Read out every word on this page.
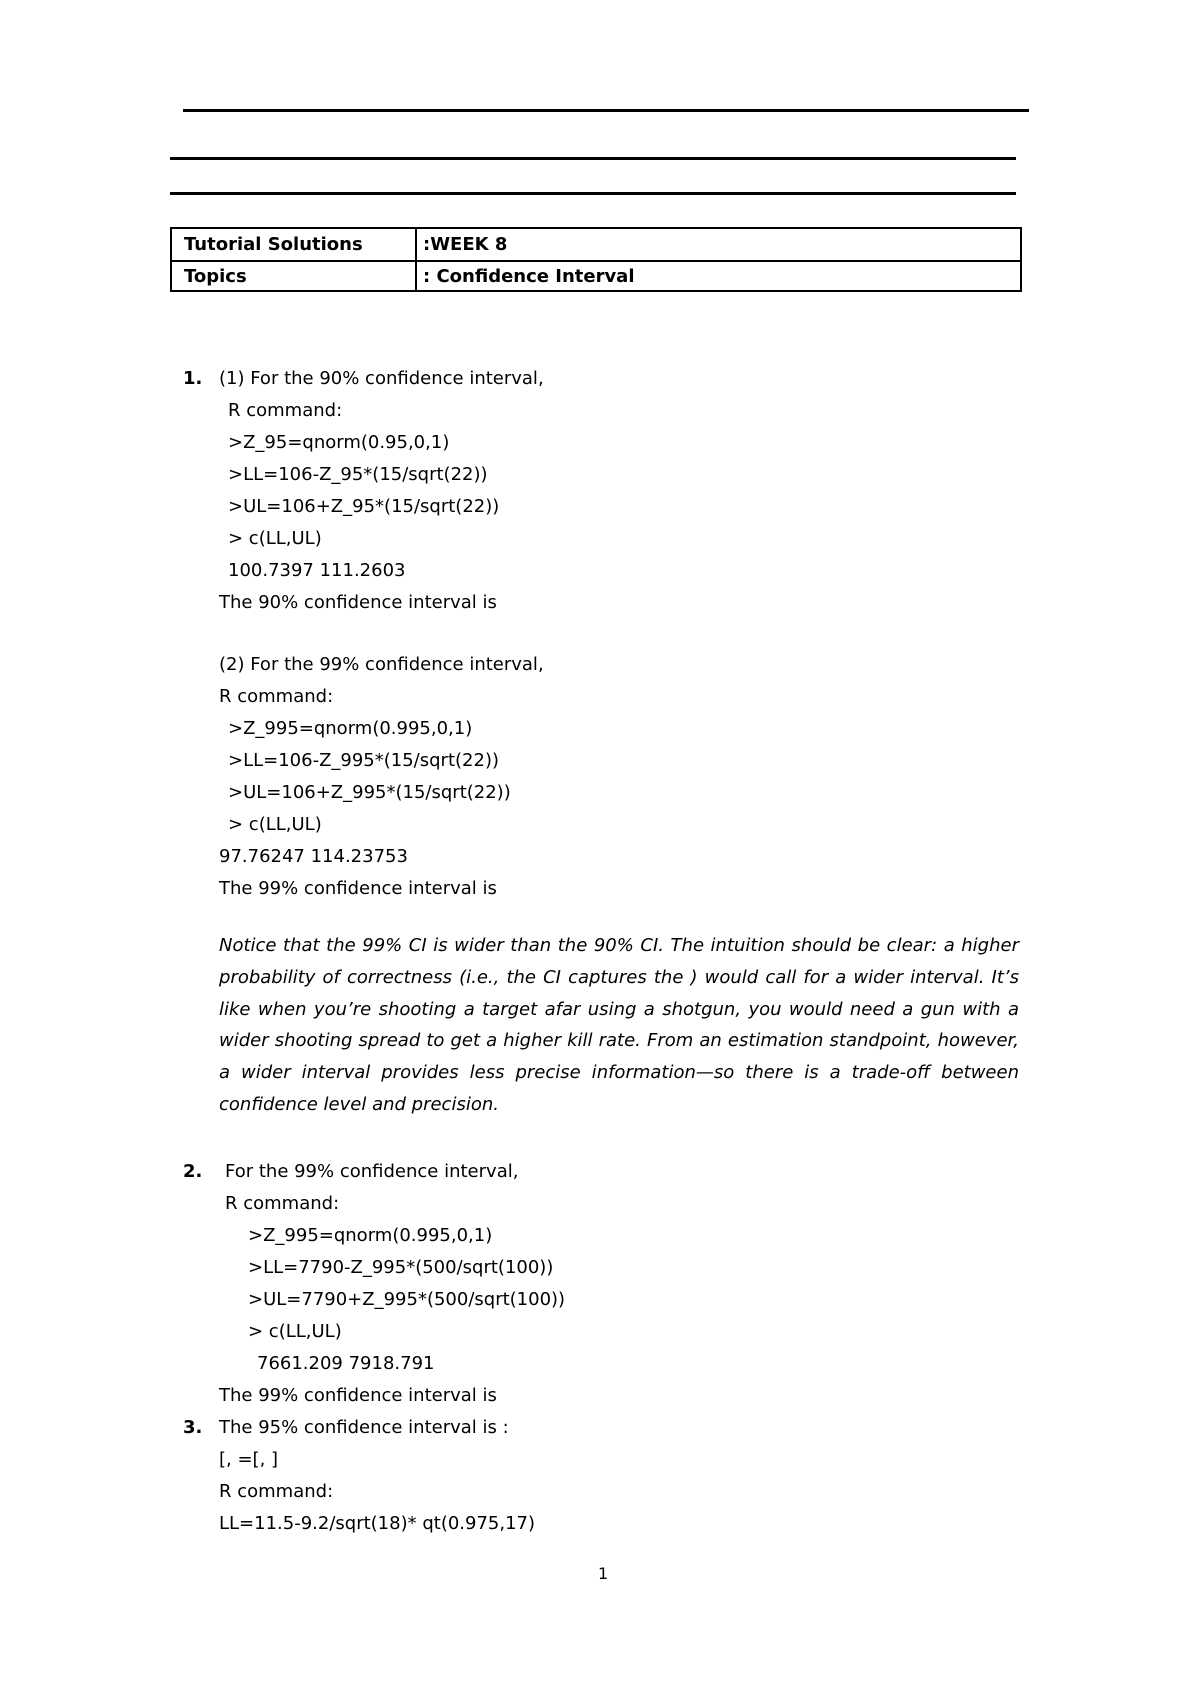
Tutorial Solutions	:WEEK 8
Topics	: Confidence Interval
1. (1) For the 90% confidence interval,
R command:
>Z_95=qnorm(0.95,0,1)
>LL=106-Z_95*(15/sqrt(22))
>UL=106+Z_95*(15/sqrt(22))
> c(LL,UL)
100.7397 111.2603
The 90% confidence interval is
(2) For the 99% confidence interval,
R command:
>Z_995=qnorm(0.995,0,1)
>LL=106-Z_995*(15/sqrt(22))
>UL=106+Z_995*(15/sqrt(22))
> c(LL,UL)
97.76247 114.23753
The 99% confidence interval is
Notice that the 99% CI is wider than the 90% CI. The intuition should be clear: a higher probability of correctness (i.e., the CI captures the ) would call for a wider interval. It’s like when you’re shooting a target afar using a shotgun, you would need a gun with a wider shooting spread to get a higher kill rate. From an estimation standpoint, however, a wider interval provides less precise information—so there is a trade-off between confidence level and precision.
2. For the 99% confidence interval,
R command:
>Z_995=qnorm(0.995,0,1)
>LL=7790-Z_995*(500/sqrt(100))
>UL=7790+Z_995*(500/sqrt(100))
> c(LL,UL)
7661.209 7918.791
The 99% confidence interval is
3. The 95% confidence interval is :
[, =[, ]
R command:
LL=11.5-9.2/sqrt(18)* qt(0.975,17)
1
